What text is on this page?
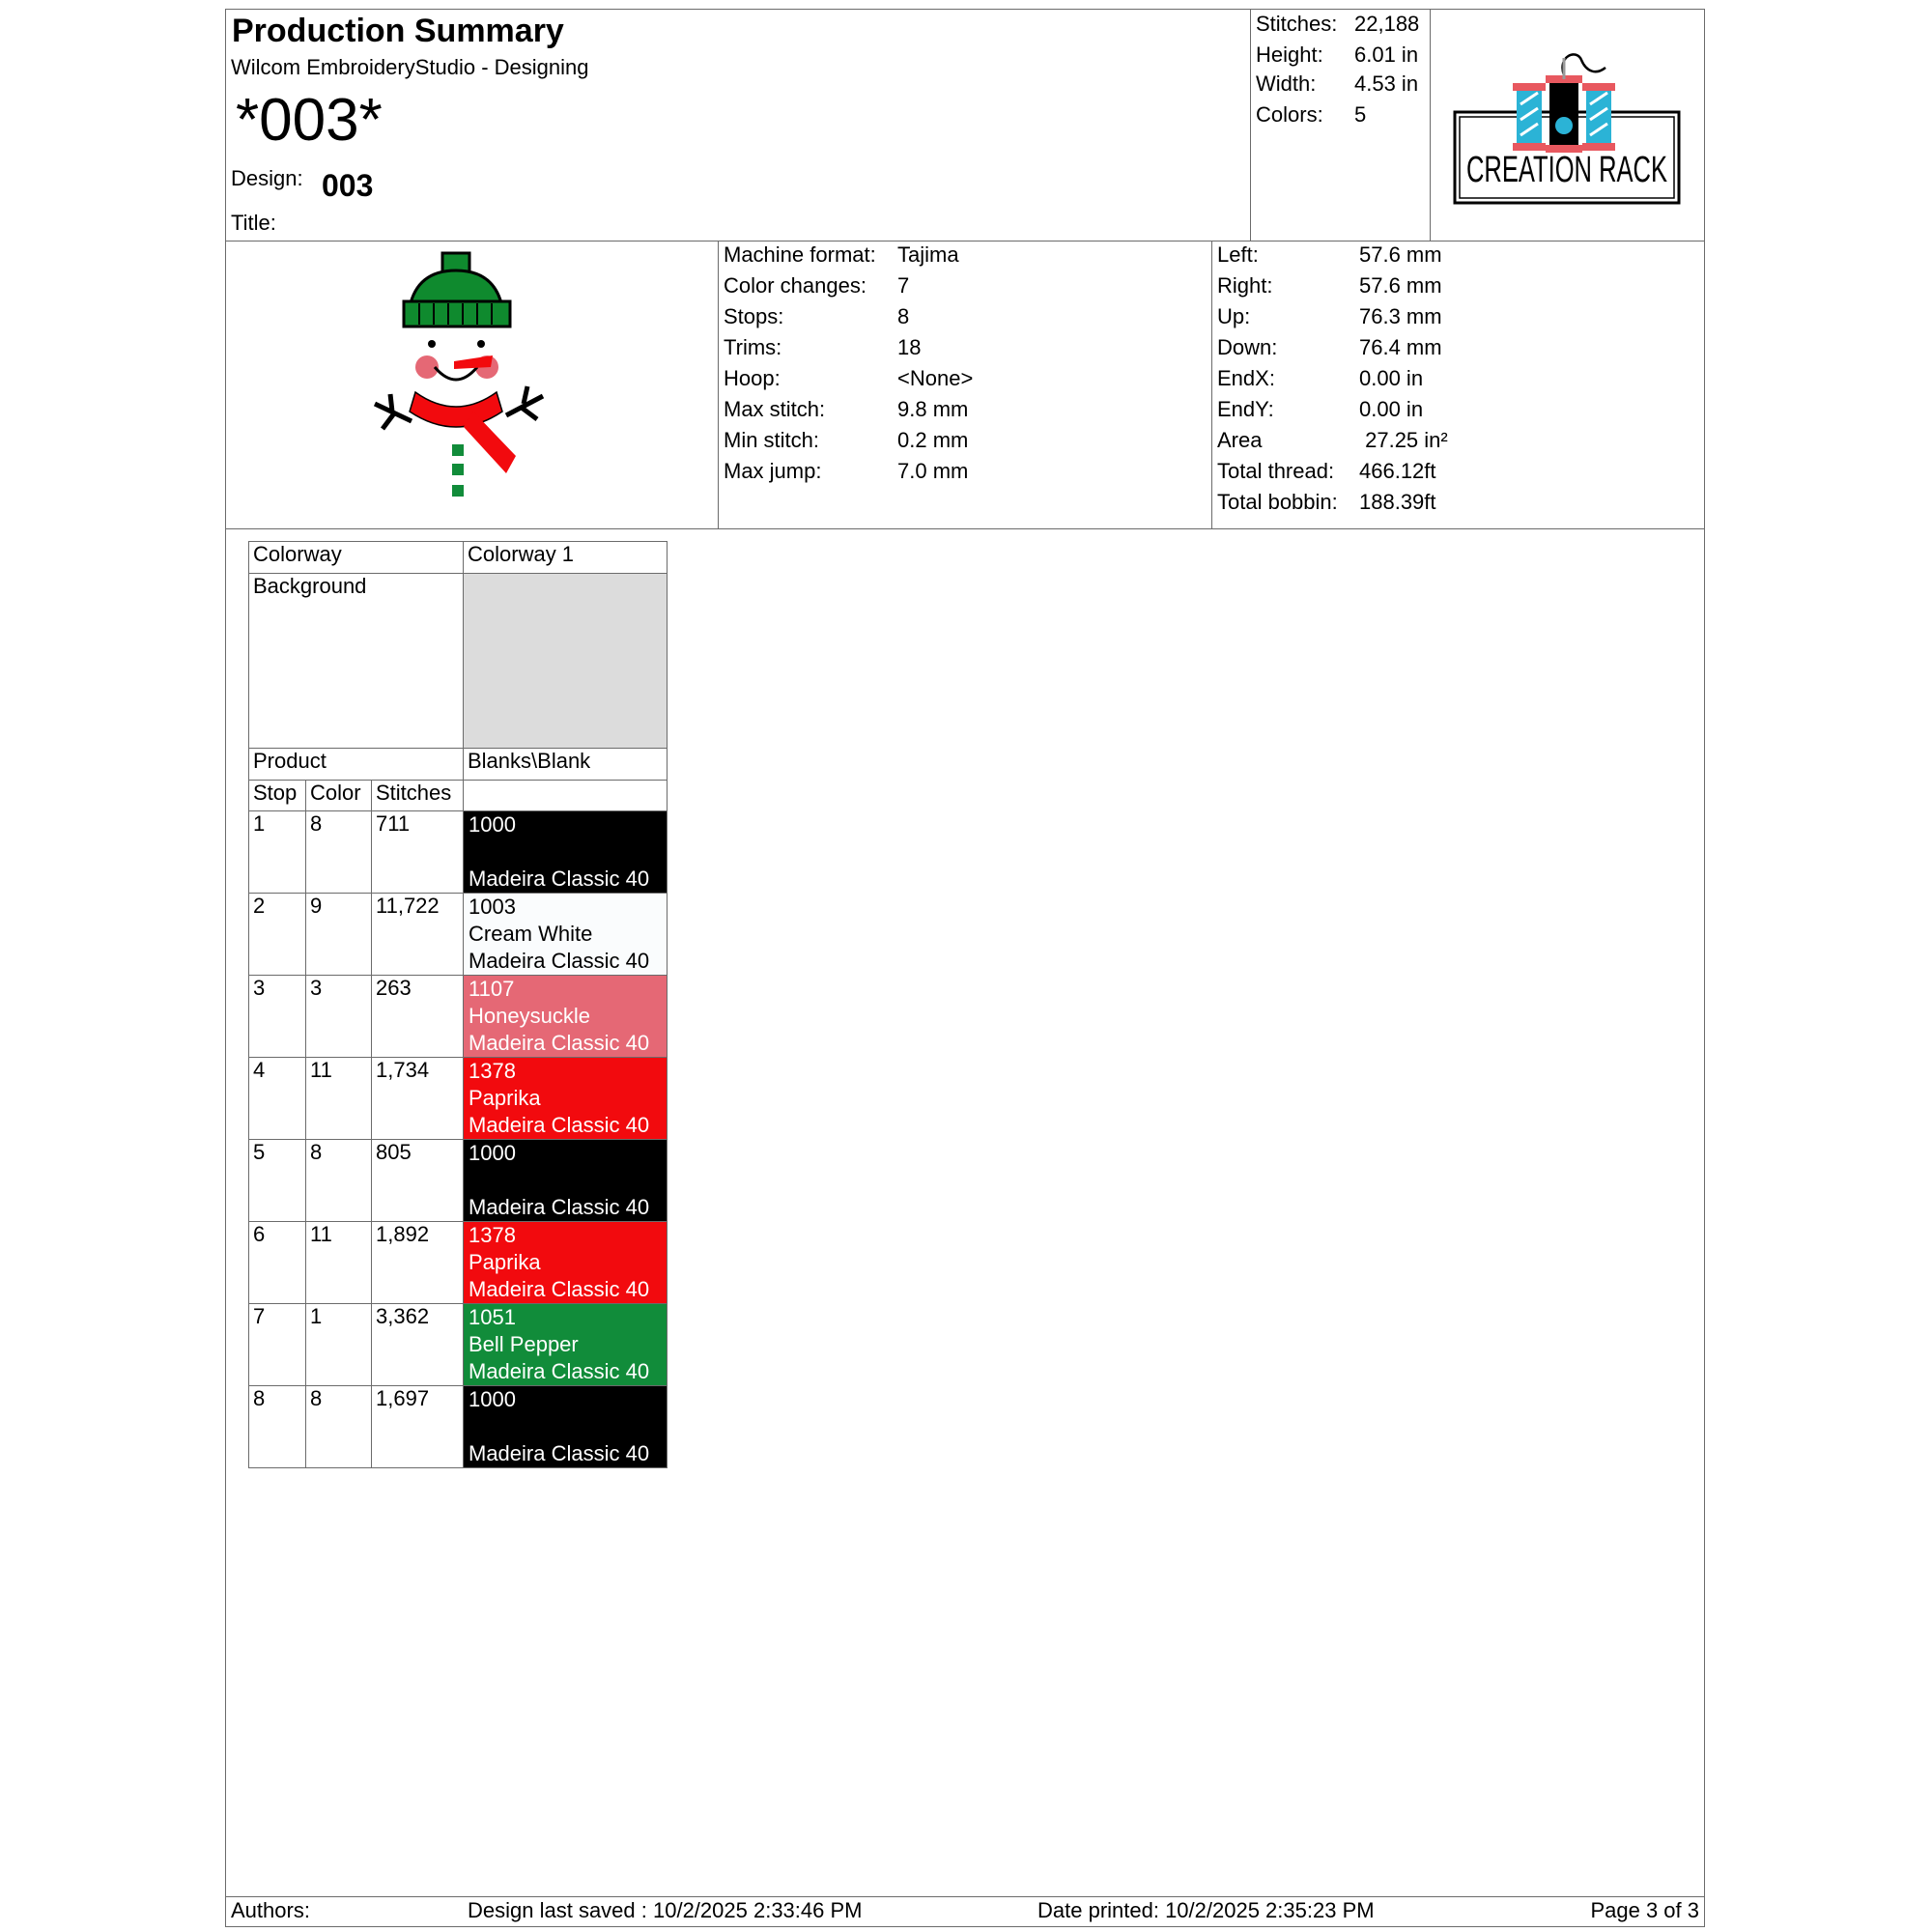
Production Summary
Wilcom EmbroideryStudio - Designing
*003*
Design: 003
Title:
Stitches: 22,188
Height: 6.01 in
Width: 4.53 in
Colors: 5
CREATION RACK
Machine format: Tajima
Color changes: 7
Stops:	8
Trims:	18
Hoop:	<None>
Max stitch:	9.8 mm
Min stitch:	0.2 mm
Max jump:	7.0 mm
Left:	57.6 mm
Right:	57.6 mm
Up:	76.3 mm
Down:	76.4 mm
EndX:	0.00 in
EndY:	0.00 in
Area	27.25 in²
Total thread: 466.12ft
Total bobbin: 188.39ft
Colorway			Colorway 1
Background			
Product			Blanks\Blank
Stop	Color	Stitches	
1	8	711	1000
Madeira Classic 40

2	9	11,722	1003
Cream White
Madeira Classic 40

3	3	263	1107
Honeysuckle
Madeira Classic 40

4	11	1,734	1378
Paprika
Madeira Classic 40

5	8	805	1000
Madeira Classic 40

6	11	1,892	1378
Paprika
Madeira Classic 40

7	1	3,362	1051
Bell Pepper
Madeira Classic 40

8	8	1,697	1000
Madeira Classic 40
Authors:	Design last saved : 10/2/2025 2:33:46 PM	Date printed: 10/2/2025 2:35:23 PM	Page 3 of 3
